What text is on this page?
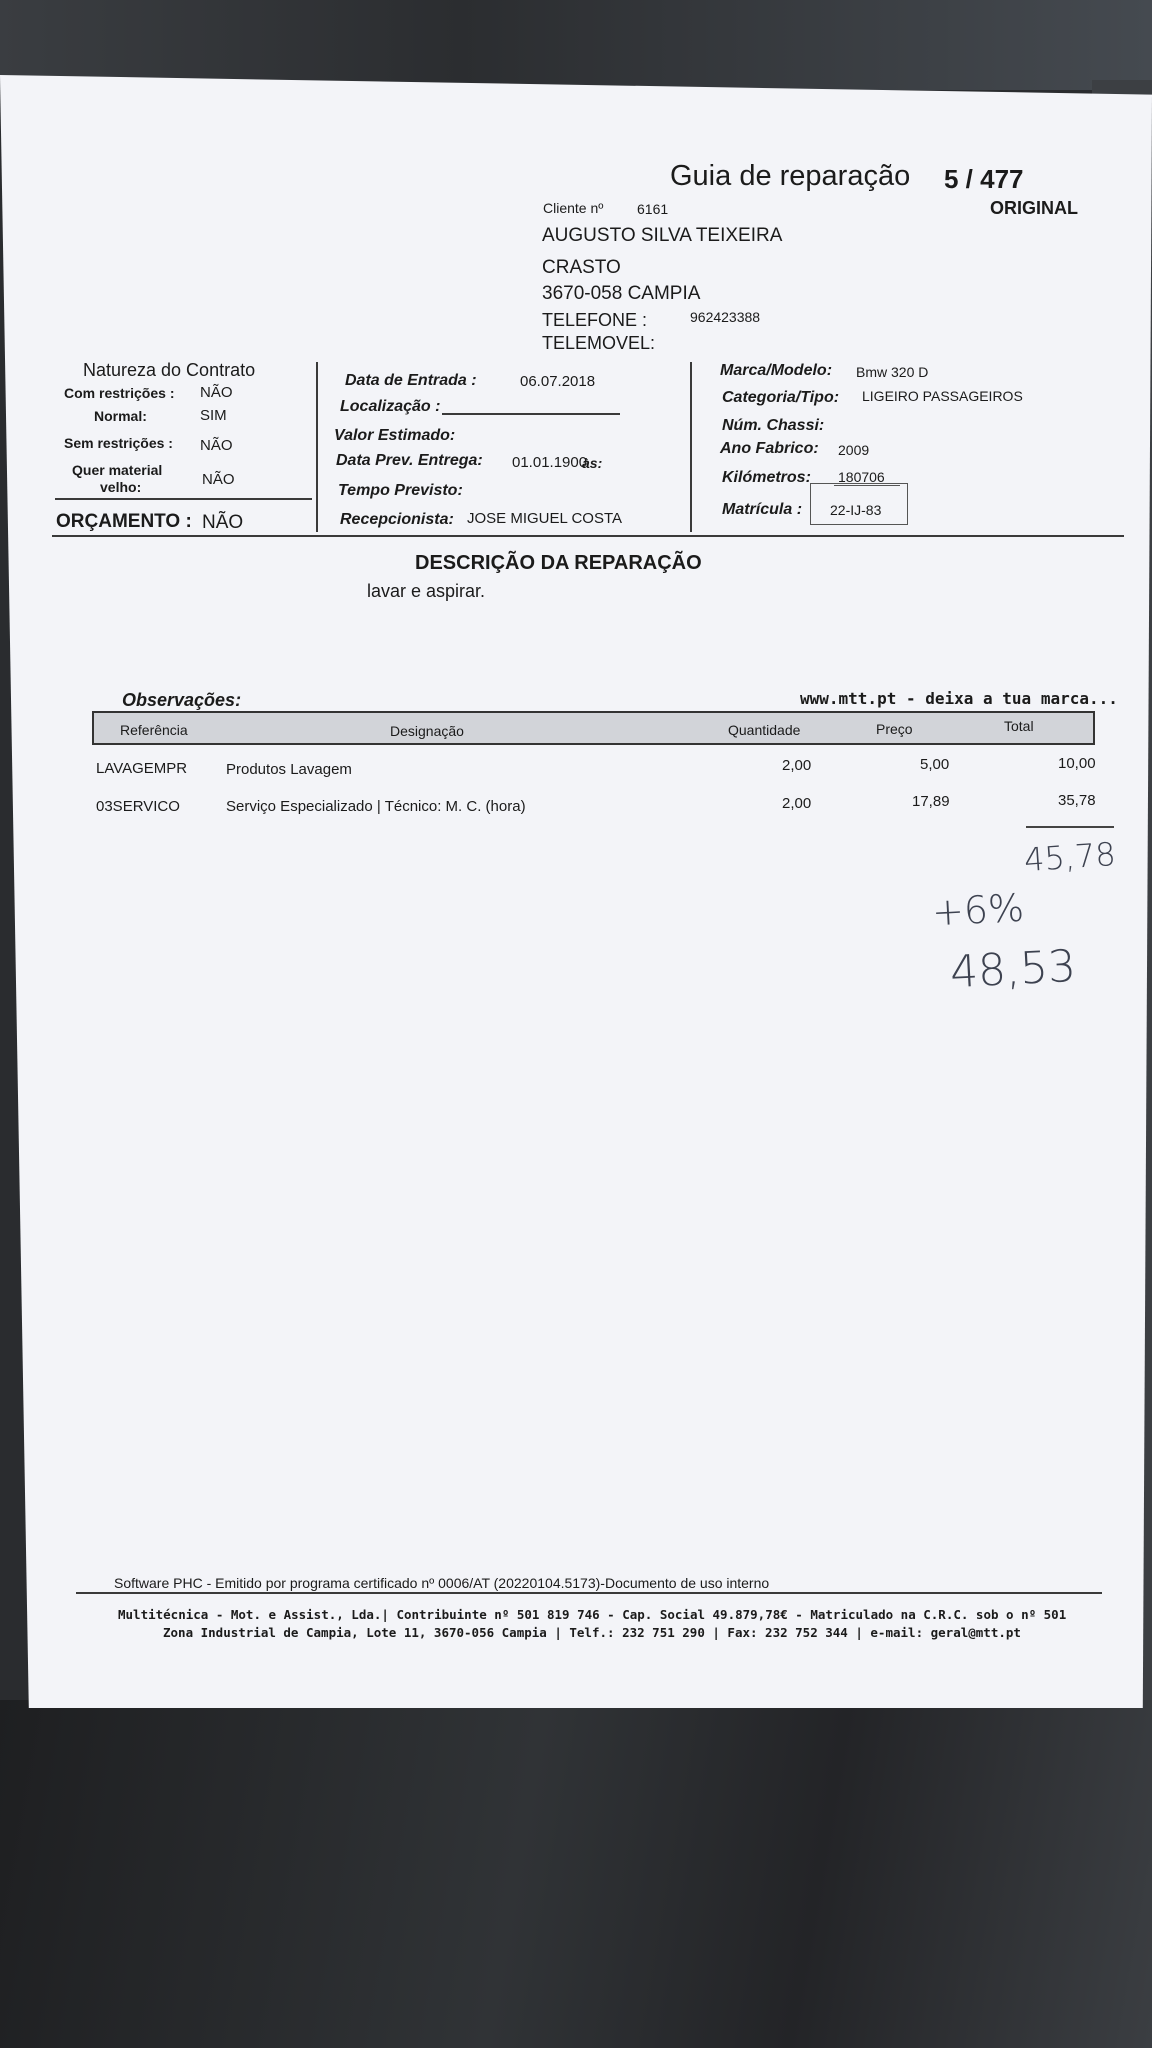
Guia de reparação 5 / 477
ORIGINAL
Cliente nº 6161
AUGUSTO SILVA TEIXEIRA
CRASTO
3670-058 CAMPIA
TELEFONE :	962423388
TELEMOVEL:
Natureza do Contrato
Com restrições : NÃO
Normal:	SIM
Sem restrições : NÃO
Quer material
velho:	NÃO
ORÇAMENTO : NÃO
Data de Entrada :	06.07.2018
Localização :
Valor Estimado:
Data Prev. Entrega: 01.01.1900
às:
Tempo Previsto:
Recepcionista: JOSE MIGUEL COSTA
Marca/Modelo: Bmw 320 D
Categoria/Tipo: LIGEIRO PASSAGEIROS
Núm. Chassi:
Ano Fabrico: 2009
Kilómetros: 180706
Matrícula : 22-IJ-83
DESCRIÇÃO DA REPARAÇÃO
lavar e aspirar.
Observações:	www.mtt.pt - deixa a tua marca...
Referência	Designação	Quantidade	Preço	Total
LAVAGEMPR	Produtos Lavagem	2,00	5,00	10,00
03SERVICO	Serviço Especializado | Técnico: M. C. (hora)	2,00	17,89	35,78
45,78
+6%
48,53
Software PHC - Emitido por programa certificado nº 0006/AT (20220104.5173)-Documento de uso interno
Multitécnica - Mot. e Assist., Lda.| Contribuinte nº 501 819 746 - Cap. Social 49.879,78€ - Matriculado na C.R.C. sob o nº 501
Zona Industrial de Campia, Lote 11, 3670-056 Campia | Telf.: 232 751 290 | Fax: 232 752 344 | e-mail: geral@mtt.pt
